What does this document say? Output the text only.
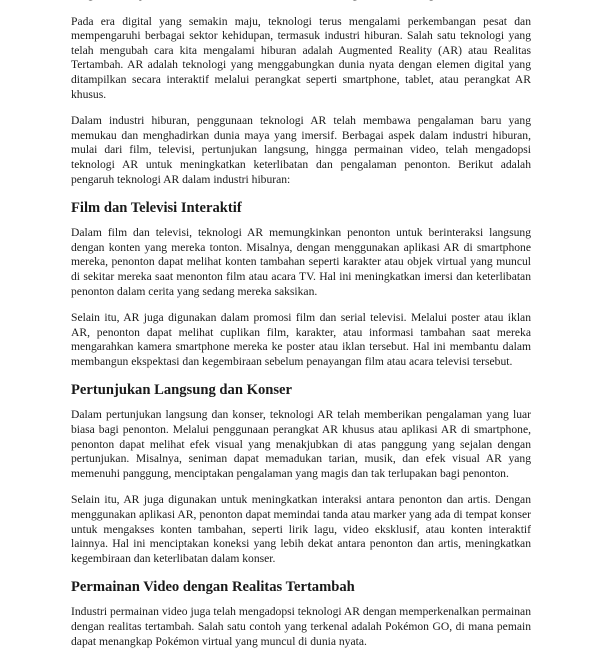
Pada era digital yang semakin maju, teknologi terus mengalami perkembangan pesat dan mempengaruhi berbagai sektor kehidupan, termasuk industri hiburan. Salah satu teknologi yang telah mengubah cara kita mengalami hiburan adalah Augmented Reality (AR) atau Realitas Tertambah. AR adalah teknologi yang menggabungkan dunia nyata dengan elemen digital yang ditampilkan secara interaktif melalui perangkat seperti smartphone, tablet, atau perangkat AR khusus.
Dalam industri hiburan, penggunaan teknologi AR telah membawa pengalaman baru yang memukau dan menghadirkan dunia maya yang imersif. Berbagai aspek dalam industri hiburan, mulai dari film, televisi, pertunjukan langsung, hingga permainan video, telah mengadopsi teknologi AR untuk meningkatkan keterlibatan dan pengalaman penonton. Berikut adalah pengaruh teknologi AR dalam industri hiburan:
Film dan Televisi Interaktif
Dalam film dan televisi, teknologi AR memungkinkan penonton untuk berinteraksi langsung dengan konten yang mereka tonton. Misalnya, dengan menggunakan aplikasi AR di smartphone mereka, penonton dapat melihat konten tambahan seperti karakter atau objek virtual yang muncul di sekitar mereka saat menonton film atau acara TV. Hal ini meningkatkan imersi dan keterlibatan penonton dalam cerita yang sedang mereka saksikan.
Selain itu, AR juga digunakan dalam promosi film dan serial televisi. Melalui poster atau iklan AR, penonton dapat melihat cuplikan film, karakter, atau informasi tambahan saat mereka mengarahkan kamera smartphone mereka ke poster atau iklan tersebut. Hal ini membantu dalam membangun ekspektasi dan kegembiraan sebelum penayangan film atau acara televisi tersebut.
Pertunjukan Langsung dan Konser
Dalam pertunjukan langsung dan konser, teknologi AR telah memberikan pengalaman yang luar biasa bagi penonton. Melalui penggunaan perangkat AR khusus atau aplikasi AR di smartphone, penonton dapat melihat efek visual yang menakjubkan di atas panggung yang sejalan dengan pertunjukan. Misalnya, seniman dapat memadukan tarian, musik, dan efek visual AR yang memenuhi panggung, menciptakan pengalaman yang magis dan tak terlupakan bagi penonton.
Selain itu, AR juga digunakan untuk meningkatkan interaksi antara penonton dan artis. Dengan menggunakan aplikasi AR, penonton dapat memindai tanda atau marker yang ada di tempat konser untuk mengakses konten tambahan, seperti lirik lagu, video eksklusif, atau konten interaktif lainnya. Hal ini menciptakan koneksi yang lebih dekat antara penonton dan artis, meningkatkan kegembiraan dan keterlibatan dalam konser.
Permainan Video dengan Realitas Tertambah
Industri permainan video juga telah mengadopsi teknologi AR dengan memperkenalkan permainan dengan realitas tertambah. Salah satu contoh yang terkenal adalah Pokémon GO, di mana pemain dapat menangkap Pokémon virtual yang muncul di dunia nyata.
